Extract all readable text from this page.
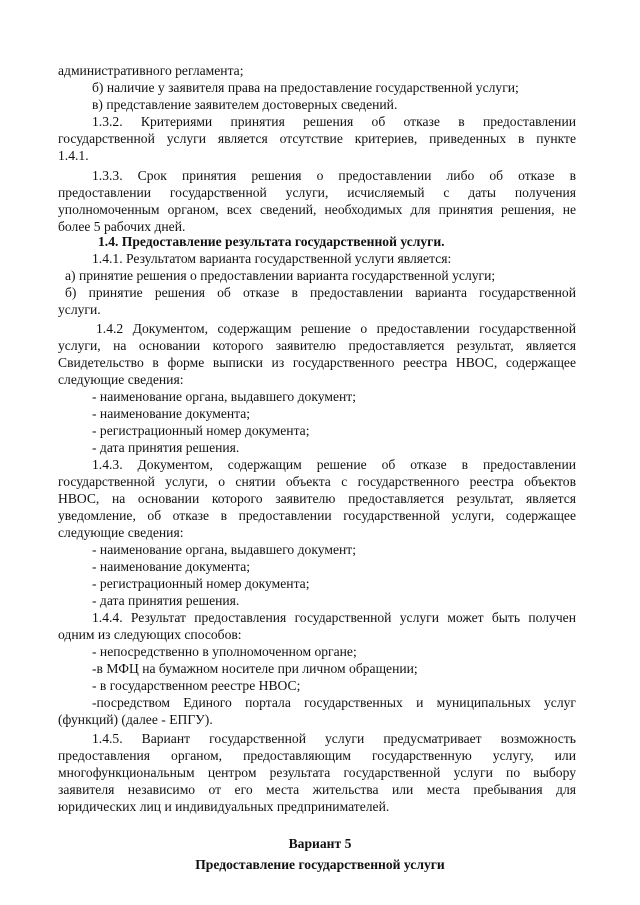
административного регламента;
б) наличие у заявителя права на предоставление государственной услуги;
в) представление заявителем достоверных сведений.
1.3.2. Критериями принятия решения об отказе в предоставлении
государственной услуги является отсутствие критериев, приведенных в пункте
1.4.1.
1.3.3. Срок принятия решения о предоставлении либо об отказе в
предоставлении государственной услуги, исчисляемый с даты получения
уполномоченным органом, всех сведений, необходимых для принятия решения, не
более 5 рабочих дней.
1.4. Предоставление результата государственной услуги.
1.4.1. Результатом варианта государственной услуги является:
а) принятие решения о предоставлении варианта государственной услуги;
б) принятие решения об отказе в предоставлении варианта государственной
услуги.
1.4.2 Документом, содержащим решение о предоставлении государственной
услуги, на основании которого заявителю предоставляется результат, является
Свидетельство в форме выписки из государственного реестра НВОС, содержащее
следующие сведения:
- наименование органа, выдавшего документ;
- наименование документа;
- регистрационный номер документа;
- дата принятия решения.
1.4.3. Документом, содержащим решение об отказе в предоставлении
государственной услуги, о снятии объекта с государственного реестра объектов
НВОС, на основании которого заявителю предоставляется результат, является
уведомление, об отказе в предоставлении государственной услуги, содержащее
следующие сведения:
- наименование органа, выдавшего документ;
- наименование документа;
- регистрационный номер документа;
- дата принятия решения.
1.4.4. Результат предоставления государственной услуги может быть получен
одним из следующих способов:
- непосредственно в уполномоченном органе;
-в МФЦ на бумажном носителе при личном обращении;
- в государственном реестре НВОС;
-посредством Единого портала государственных и муниципальных услуг
(функций) (далее - ЕПГУ).
1.4.5. Вариант государственной услуги предусматривает возможность
предоставления органом, предоставляющим государственную услугу, или
многофункциональным центром результата государственной услуги по выбору
заявителя независимо от его места жительства или места пребывания для
юридических лиц и индивидуальных предпринимателей.
Вариант 5
Предоставление государственной услуги
